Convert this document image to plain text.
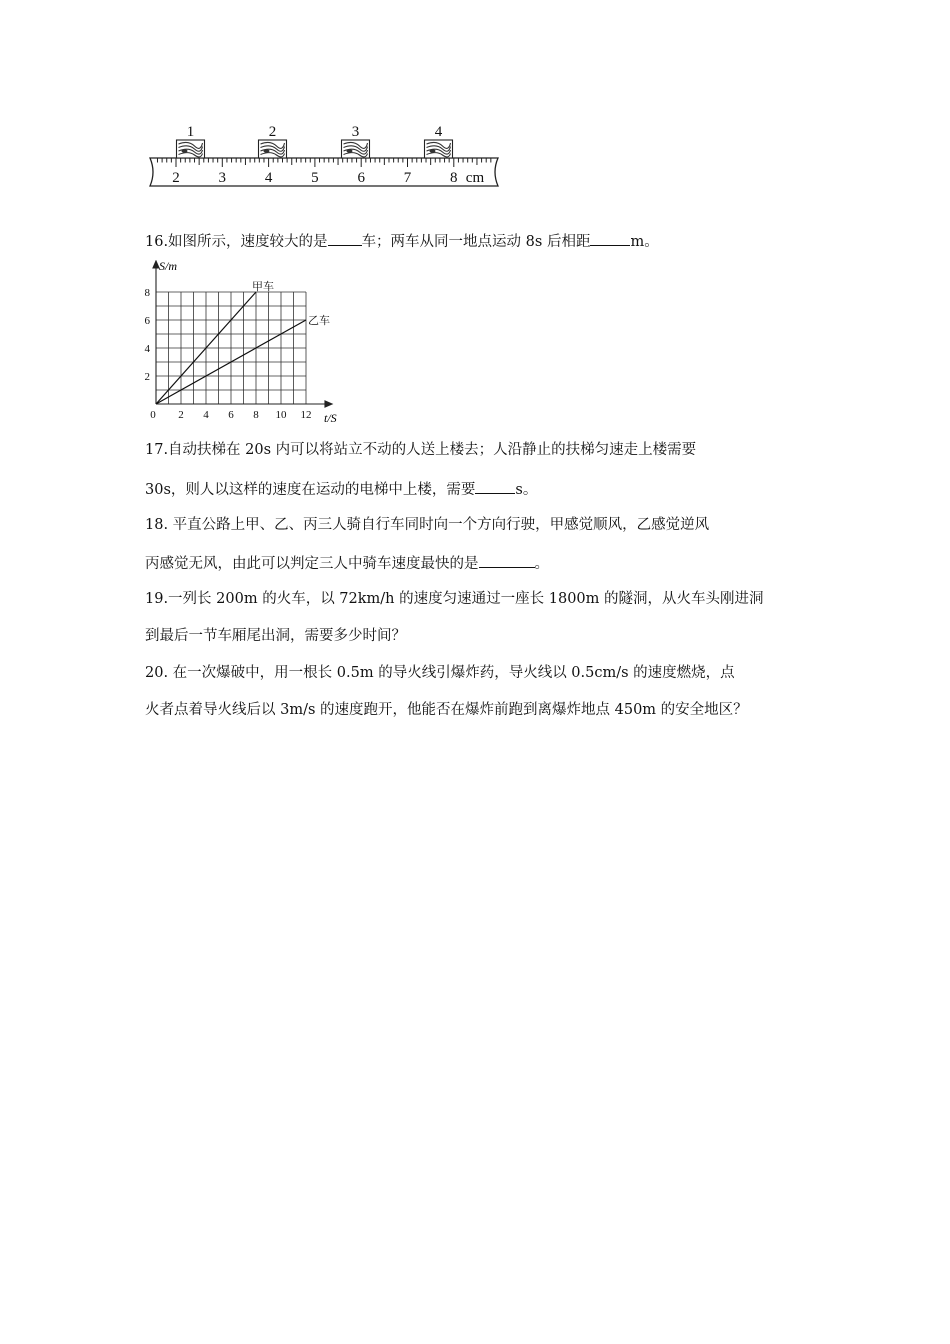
2	3	4	5	6	7	8 cm
1	2	3	4
16.如图所示，速度较大的是 车；两车从同一地点运动 8s 后相距	m。
0 2 4 6 8 10 12
2
4
6
8	甲车
乙车
S/m
t/S
17.自动扶梯在 20s 内可以将站立不动的人送上楼去；人沿静止的扶梯匀速走上楼需要
30s，则人以这样的速度在运动的电梯中上楼，需要	s。
18. 平直公路上甲、乙、丙三人骑自行车同时向一个方向行驶，甲感觉顺风，乙感觉逆风
丙感觉无风，由此可以判定三人中骑车速度最快的是	。
19.一列长 200m 的火车，以 72km/h 的速度匀速通过一座长 1800m 的隧洞，从火车头刚进洞
到最后一节车厢尾出洞，需要多少时间？
20. 在一次爆破中，用一根长 0.5m 的导火线引爆炸药，导火线以 0.5cm/s 的速度燃烧，点
火者点着导火线后以 3m/s 的速度跑开，他能否在爆炸前跑到离爆炸地点 450m 的安全地区？
